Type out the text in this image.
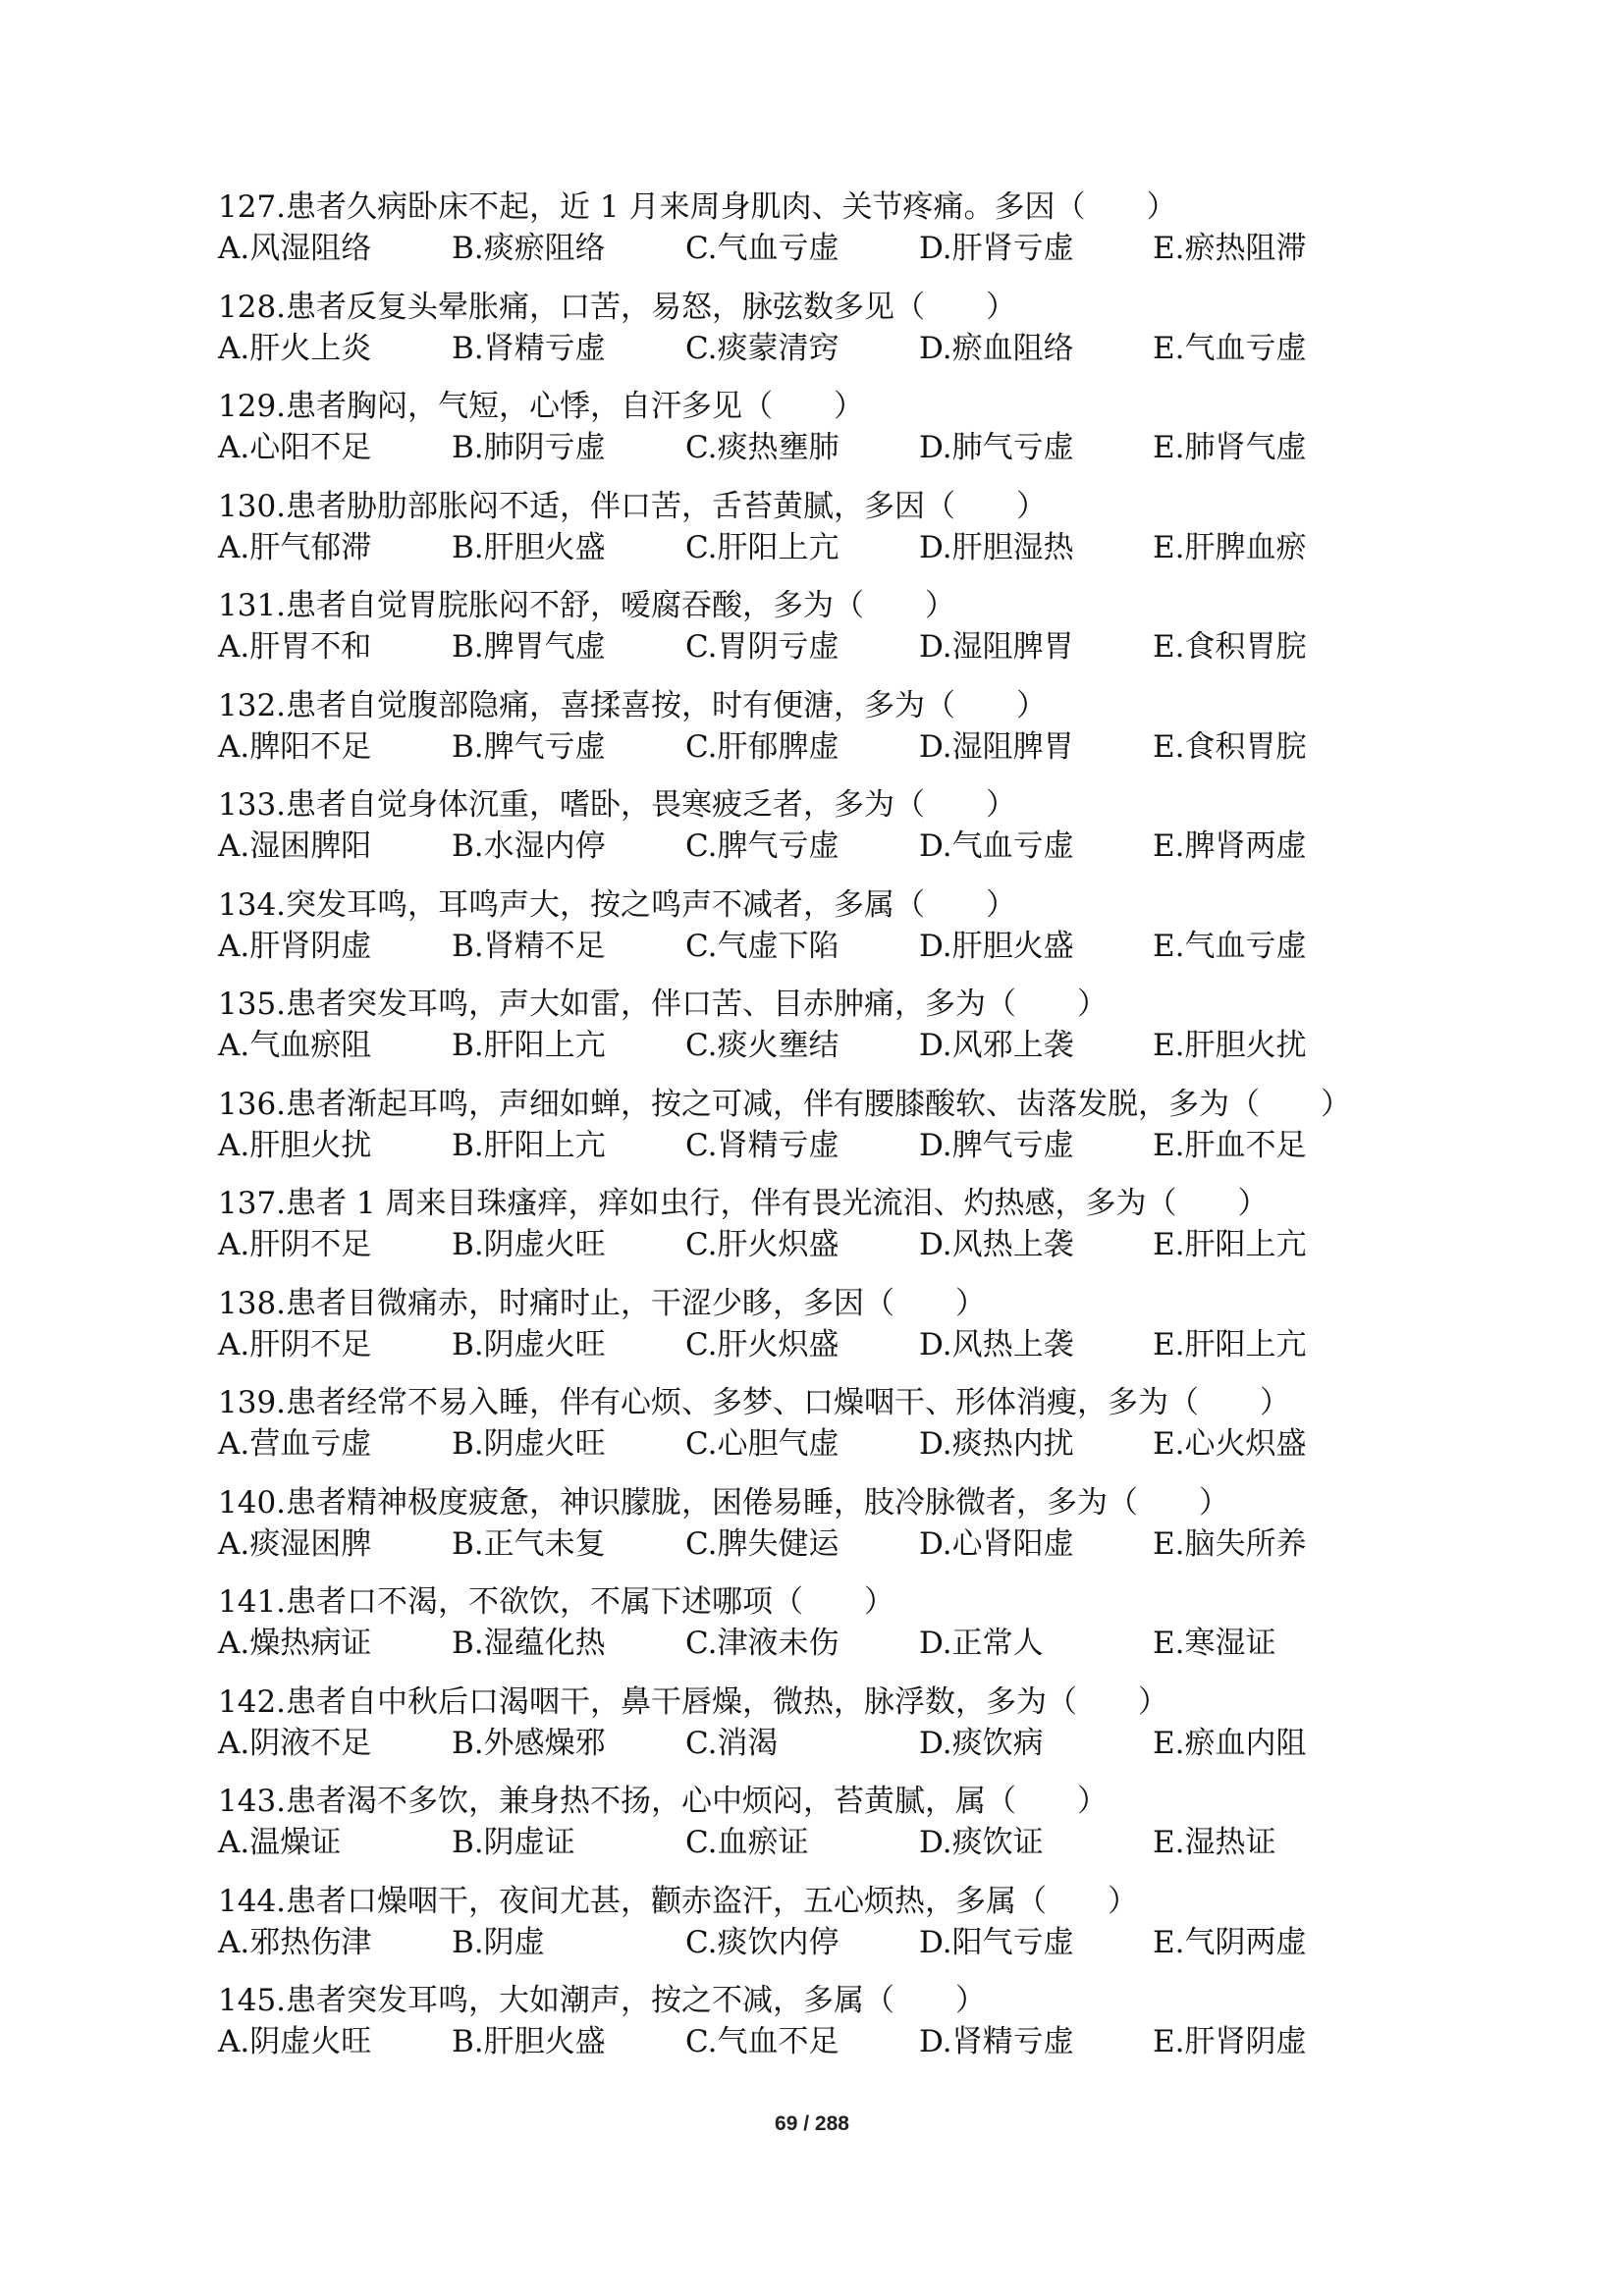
127.患者久病卧床不起，近 1 月来周身肌肉、关节疼痛。多因（　　）
A.风湿阻络	B.痰瘀阻络	C.气血亏虚	D.肝肾亏虚	E.瘀热阻滞
128.患者反复头晕胀痛，口苦，易怒，脉弦数多见（　　）
A.肝火上炎	B.肾精亏虚	C.痰蒙清窍	D.瘀血阻络	E.气血亏虚
129.患者胸闷，气短，心悸，自汗多见（　　）
A.心阳不足	B.肺阴亏虚	C.痰热壅肺	D.肺气亏虚	E.肺肾气虚
130.患者胁肋部胀闷不适，伴口苦，舌苔黄腻，多因（　　）
A.肝气郁滞	B.肝胆火盛	C.肝阳上亢	D.肝胆湿热	E.肝脾血瘀
131.患者自觉胃脘胀闷不舒，嗳腐吞酸，多为（　　）
A.肝胃不和	B.脾胃气虚	C.胃阴亏虚	D.湿阻脾胃	E.食积胃脘
132.患者自觉腹部隐痛，喜揉喜按，时有便溏，多为（　　）
A.脾阳不足	B.脾气亏虚	C.肝郁脾虚	D.湿阻脾胃	E.食积胃脘
133.患者自觉身体沉重，嗜卧，畏寒疲乏者，多为（　　）
A.湿困脾阳	B.水湿内停	C.脾气亏虚	D.气血亏虚	E.脾肾两虚
134.突发耳鸣，耳鸣声大，按之鸣声不减者，多属（　　）
A.肝肾阴虚	B.肾精不足	C.气虚下陷	D.肝胆火盛	E.气血亏虚
135.患者突发耳鸣，声大如雷，伴口苦、目赤肿痛，多为（　　）
A.气血瘀阻	B.肝阳上亢	C.痰火壅结	D.风邪上袭	E.肝胆火扰
136.患者渐起耳鸣，声细如蝉，按之可减，伴有腰膝酸软、齿落发脱，多为（　　）
A.肝胆火扰	B.肝阳上亢	C.肾精亏虚	D.脾气亏虚	E.肝血不足
137.患者 1 周来目珠瘙痒，痒如虫行，伴有畏光流泪、灼热感，多为（　　）
A.肝阴不足	B.阴虚火旺	C.肝火炽盛	D.风热上袭	E.肝阳上亢
138.患者目微痛赤，时痛时止，干涩少眵，多因（　　）
A.肝阴不足	B.阴虚火旺	C.肝火炽盛	D.风热上袭	E.肝阳上亢
139.患者经常不易入睡，伴有心烦、多梦、口燥咽干、形体消瘦，多为（　　）
A.营血亏虚	B.阴虚火旺	C.心胆气虚	D.痰热内扰	E.心火炽盛
140.患者精神极度疲惫，神识朦胧，困倦易睡，肢冷脉微者，多为（　　）
A.痰湿困脾	B.正气未复	C.脾失健运	D.心肾阳虚	E.脑失所养
141.患者口不渴，不欲饮，不属下述哪项（　　）
A.燥热病证	B.湿蕴化热	C.津液未伤	D.正常人	E.寒湿证
142.患者自中秋后口渴咽干，鼻干唇燥，微热，脉浮数，多为（　　）
A.阴液不足	B.外感燥邪	C.消渴	D.痰饮病	E.瘀血内阻
143.患者渴不多饮，兼身热不扬，心中烦闷，苔黄腻，属（　　）
A.温燥证	B.阴虚证	C.血瘀证	D.痰饮证	E.湿热证
144.患者口燥咽干，夜间尤甚，颧赤盗汗，五心烦热，多属（　　）
A.邪热伤津	B.阴虚	C.痰饮内停	D.阳气亏虚	E.气阴两虚
145.患者突发耳鸣，大如潮声，按之不减，多属（　　）
A.阴虚火旺	B.肝胆火盛	C.气血不足	D.肾精亏虚	E.肝肾阴虚
69 / 288
